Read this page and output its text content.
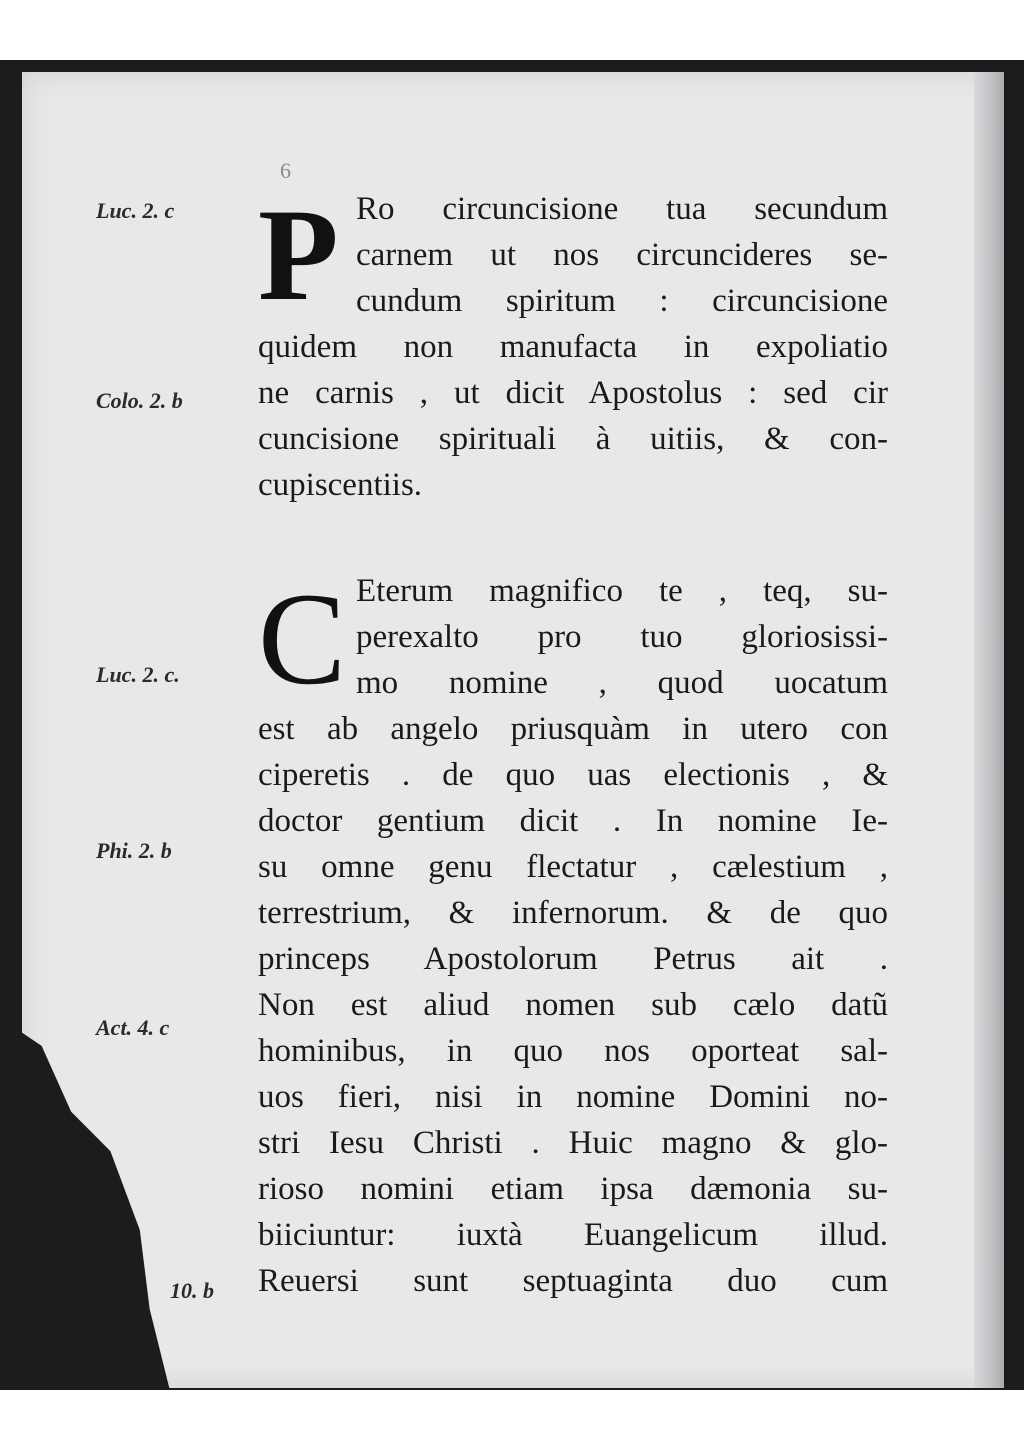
6
Luc. 2. c
Colo. 2. b
Luc. 2. c.
Phi. 2. b
Act. 4. c
10. b
P Ro circuncisione tua secundum
carnem ut nos circuncideres se-
cundum spiritum : circuncisione
quidem non manufacta in expoliatio
ne carnis , ut dicit Apostolus : sed cir
cuncisione spirituali à uitiis, & con-
cupiscentiis.
C Eterum magnifico te , teq, su-
perexalto pro tuo gloriosissi-
mo nomine , quod uocatum
est ab angelo priusquàm in utero con
ciperetis . de quo uas electionis , &
doctor gentium dicit . In nomine Ie-
su omne genu flectatur , cælestium ,
terrestrium, & infernorum. & de quo
princeps Apostolorum Petrus ait .
Non est aliud nomen sub cælo datũ
hominibus, in quo nos oporteat sal-
uos fieri, nisi in nomine Domini no-
stri Iesu Christi . Huic magno & glo-
rioso nomini etiam ipsa dæmonia su-
biiciuntur: iuxtà Euangelicum illud.
Reuersi sunt septuaginta duo cum
